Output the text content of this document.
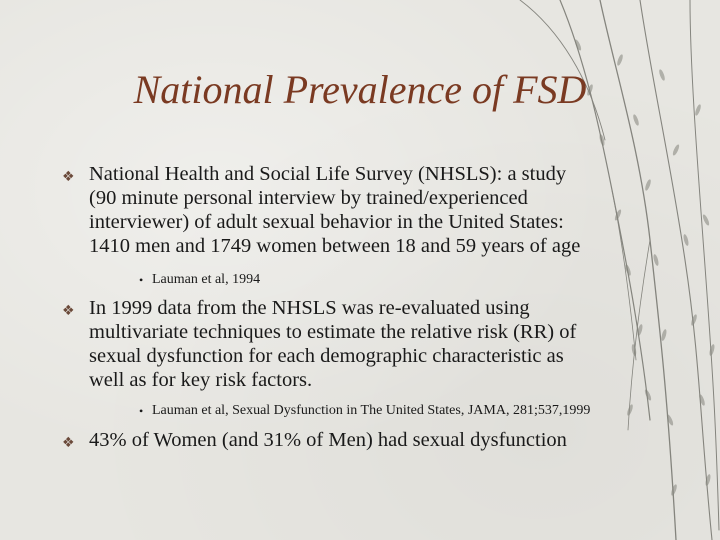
National Prevalence of FSD
❖ National Health and Social Life Survey (NHSLS): a study
(90 minute personal interview by trained/experienced
interviewer) of adult sexual behavior in the United States:
1410 men and 1749 women between 18 and 59 years of age
• Lauman et al, 1994
❖ In 1999 data from the NHSLS was re-evaluated using
multivariate techniques to estimate the relative risk (RR) of
sexual dysfunction for each demographic characteristic as
well as for key risk factors.
• Lauman et al, Sexual Dysfunction in The United States, JAMA, 281;537,1999
❖ 43% of Women (and 31% of Men) had sexual dysfunction
